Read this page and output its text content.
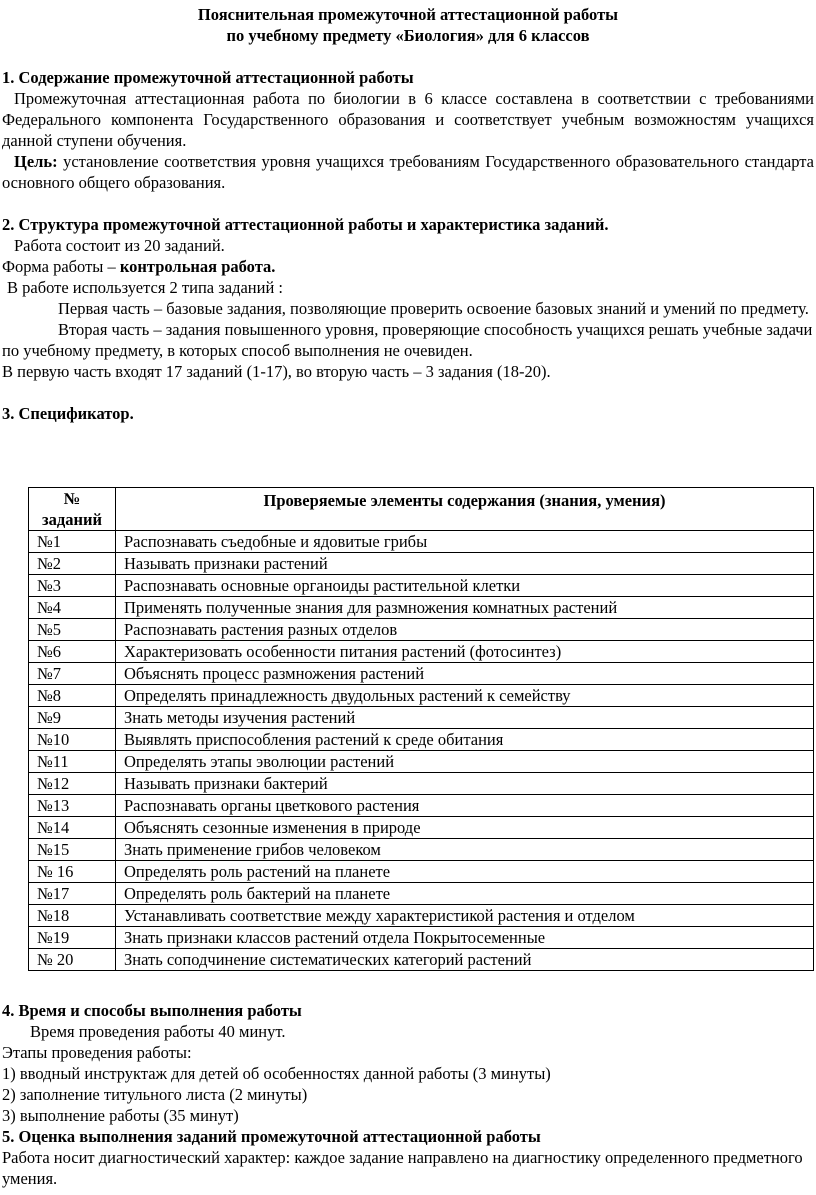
Пояснительная промежуточной аттестационной работы
по учебному предмету «Биология» для 6 классов

1. Содержание промежуточной аттестационной работы

Промежуточная аттестационная работа по биологии в 6 классе составлена в соответствии с требованиями Федерального компонента Государственного образования и соответствует учебным возможностям учащихся данной ступени обучения.

Цель: установление соответствия уровня учащихся требованиям Государственного образовательного стандарта основного общего образования.

2. Структура промежуточной аттестационной работы и характеристика заданий.

Работа состоит из 20 заданий.

Форма работы – контрольная работа.

В работе используется 2 типа заданий :

Первая часть – базовые задания, позволяющие проверить освоение базовых знаний и умений по предмету.

Вторая часть – задания повышенного уровня, проверяющие способность учащихся решать учебные задачи по учебному предмету, в которых способ выполнения не очевиден.

В первую часть входят 17 заданий (1-17), во вторую часть – 3 задания (18-20).

3. Спецификатор.

№
заданий	Проверяемые элементы содержания (знания, умения)
№1	Распознавать съедобные и ядовитые грибы
№2	Называть признаки растений
№3	Распознавать основные органоиды растительной клетки
№4	Применять полученные знания для размножения комнатных растений
№5	Распознавать растения разных отделов
№6	Характеризовать особенности питания растений (фотосинтез)
№7	Объяснять процесс размножения растений
№8	Определять принадлежность двудольных растений к семейству
№9	Знать методы изучения растений
№10	Выявлять приспособления растений к среде обитания
№11	Определять этапы эволюции растений
№12	Называть признаки бактерий
№13	Распознавать органы цветкового растения
№14	Объяснять сезонные изменения в природе
№15	Знать применение грибов человеком
№ 16	Определять роль растений на планете
№17	Определять роль бактерий на планете
№18	Устанавливать соответствие между характеристикой растения и отделом
№19	Знать признаки классов растений отдела Покрытосеменные
№ 20	Знать соподчинение систематических категорий растений

4. Время и способы выполнения работы

Время проведения работы 40 минут.

Этапы проведения работы:

1) вводный инструктаж для детей об особенностях данной работы (3 минуты)

2) заполнение титульного листа (2 минуты)

3) выполнение работы (35 минут)

5. Оценка выполнения заданий промежуточной аттестационной работы

Работа носит диагностический характер: каждое задание направлено на диагностику определенного предметного умения.
